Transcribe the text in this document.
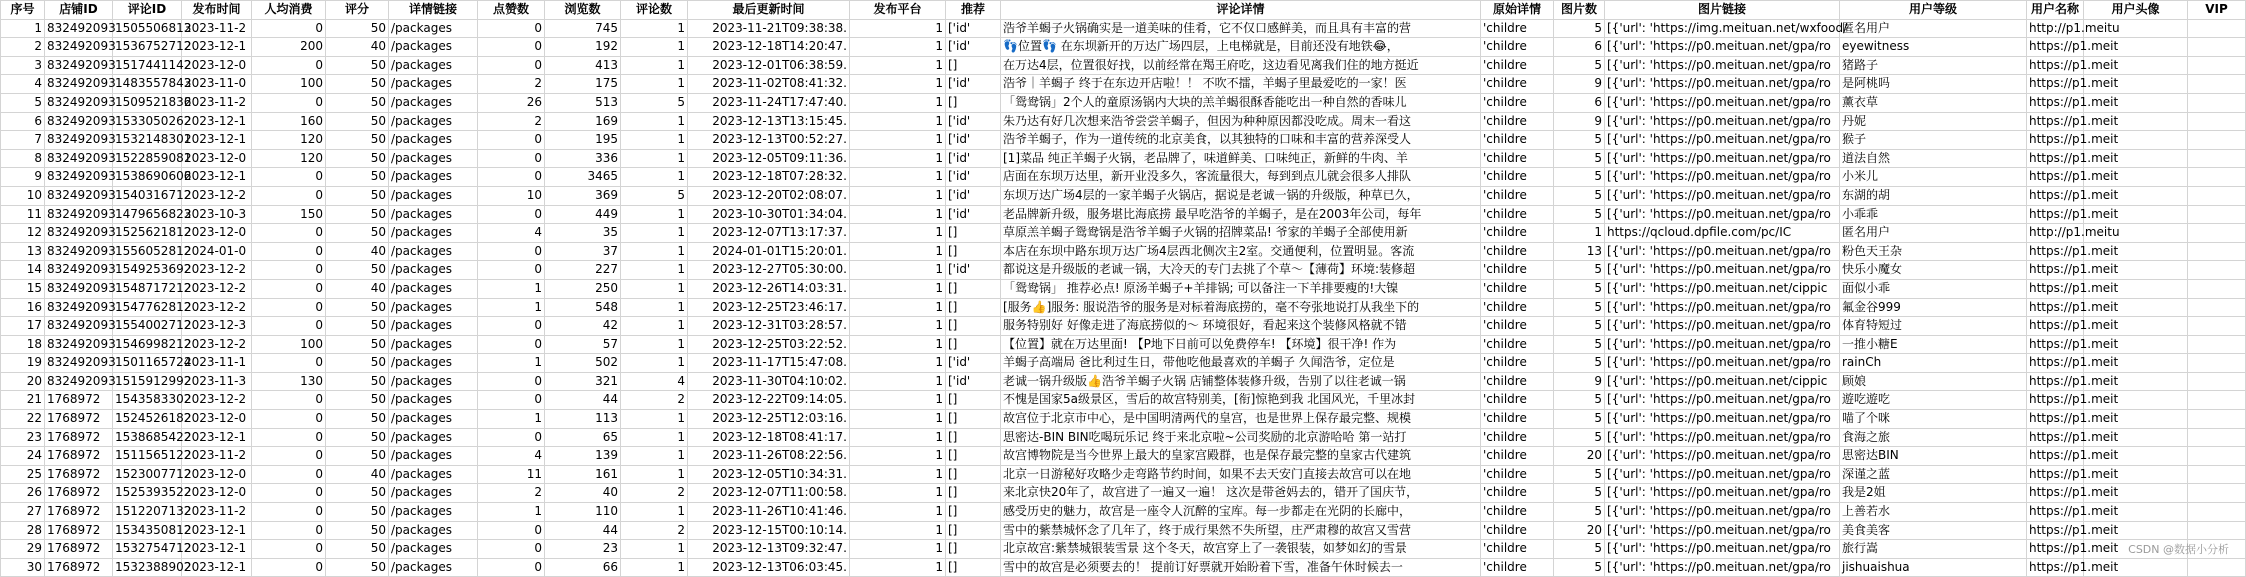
序号	店铺ID	评论ID	发布时间	人均消费	评分	详情链接	点赞数	浏览数	评论数	最后更新时间	发布平台	推荐	评论详情	原始详情	图片数	图片链接	用户等级	用户名称	用户头像	VIP
1	832492093	1505506813	2023-11-2	0	50	/packages	0	745	1	2023-11-21T09:38:38.	1	['id'	浩爷羊蝎子火锅确实是一道美味的佳肴，它不仅口感鲜美，而且具有丰富的营	'childre	5	[{'url': 'https://img.meituan.net/wxfood/	匿名用户	http://p1.meitu		
2	832492093	1536752712	2023-12-1	200	40	/packages	0	192	1	2023-12-18T14:20:47.	1	['id'	👣位置👣 在东坝新开的万达广场四层，上电梯就是，目前还没有地铁😂，	'childre	6	[{'url': 'https://p0.meituan.net/gpa/ro	eyewitness	https://p1.meit		
3	832492093	1517441142	2023-12-0	0	50	/packages	0	413	1	2023-12-01T06:38:59.	1	[]	在万达4层，位置很好找，以前经常在羯王府吃，这边看见离我们住的地方挺近	'childre	5	[{'url': 'https://p0.meituan.net/gpa/ro	猪路子	https://p1.meit		
4	832492093	1483557843	2023-11-0	100	50	/packages	2	175	1	2023-11-02T08:41:32.	1	['id'	浩爷｜羊蝎子 终于在东边开店啦！！ 不吹不擂，羊蝎子里最爱吃的一家！医	'childre	9	[{'url': 'https://p0.meituan.net/gpa/ro	是阿桃吗	https://p1.meit		
5	832492093	1509521836	2023-11-2	0	50	/packages	26	513	5	2023-11-24T17:47:40.	1	[]	「鸳鸯锅」2个人的童原汤锅内大块的羔羊蝎很酥香能吃出一种自然的香味儿	'childre	6	[{'url': 'https://p0.meituan.net/gpa/ro	薰衣草	https://p1.meit		
6	832492093	1533050262	2023-12-1	160	50	/packages	2	169	1	2023-12-13T13:15:45.	1	['id'	朱乃达有好几次想来浩爷尝尝羊蝎子，但因为种种原因都没吃成。周末一看这	'childre	9	[{'url': 'https://p0.meituan.net/gpa/ro	丹妮	https://p1.meit		
7	832492093	1532148301	2023-12-1	120	50	/packages	0	195	1	2023-12-13T00:52:27.	1	['id'	浩爷羊蝎子，作为一道传统的北京美食，以其独特的口味和丰富的营养深受人	'childre	5	[{'url': 'https://p0.meituan.net/gpa/ro	猴子	https://p1.meit		
8	832492093	1522859081	2023-12-0	120	50	/packages	0	336	1	2023-12-05T09:11:36.	1	['id'	[1]菜品 纯正羊蝎子火锅，老品牌了，味道鲜美、口味纯正，新鲜的牛肉、羊	'childre	5	[{'url': 'https://p0.meituan.net/gpa/ro	道法自然	https://p1.meit		
9	832492093	1538690606	2023-12-1	0	50	/packages	0	3465	1	2023-12-18T07:28:32.	1	['id'	店面在东坝万达里，新开业没多久，客流量很大，每到到点儿就会很多人排队	'childre	5	[{'url': 'https://p0.meituan.net/gpa/ro	小米儿	https://p1.meit		
10	832492093	1540316712	2023-12-2	0	50	/packages	10	369	5	2023-12-20T02:08:07.	1	['id'	东坝万达广场4层的一家羊蝎子火锅店，据说是老诚一锅的升级版，种草已久，	'childre	5	[{'url': 'https://p0.meituan.net/gpa/ro	东湖的胡	https://p1.meit		
11	832492093	1479656823	2023-10-3	150	50	/packages	0	449	1	2023-10-30T01:34:04.	1	['id'	老品牌新升级，服务堪比海底捞 最早吃浩爷的羊蝎子，是在2003年公司，每年	'childre	5	[{'url': 'https://p0.meituan.net/gpa/ro	小乖乖	https://p1.meit		
12	832492093	1525621812	2023-12-0	0	50	/packages	4	35	1	2023-12-07T13:17:37.	1	[]	草原羔羊蝎子鸳鸯锅是浩爷羊蝎子火锅的招牌菜品! 爷家的羊蝎子全部使用新	'childre	1	https://qcloud.dpfile.com/pc/IC	匿名用户	http://p1.meitu		
13	832492093	1556052812	2024-01-0	0	40	/packages	0	37	1	2024-01-01T15:20:01.	1	[]	本店在东坝中路东坝万达广场4层西北侧次主2室。交通便利，位置明显。客流	'childre	13	[{'url': 'https://p0.meituan.net/gpa/ro	粉色天王杂	https://p1.meit		
14	832492093	1549253692	2023-12-2	0	50	/packages	0	227	1	2023-12-27T05:30:00.	1	['id'	都说这是升级版的老诚一锅，大冷天的专门去挑了个草～【薄荷】环境:装修超	'childre	5	[{'url': 'https://p0.meituan.net/gpa/ro	快乐小魔女	https://p1.meit		
15	832492093	1548717212	2023-12-2	0	40	/packages	1	250	1	2023-12-26T14:03:31.	1	[]	「鸳鸯锅」 推荐必点! 原汤羊蝎子+羊排锅; 可以备注一下羊排要瘦的!大镍	'childre	5	[{'url': 'https://p0.meituan.net/cippic	面似小乖	https://p1.meit		
16	832492093	1547762812	2023-12-2	0	50	/packages	1	548	1	2023-12-25T23:46:17.	1	[]	[服务👍]服务: 服说浩爷的服务是对标着海底捞的，毫不夸张地说打从我坐下的	'childre	5	[{'url': 'https://p0.meituan.net/gpa/ro	氟金谷999	https://p1.meit		
17	832492093	1554002712	2023-12-3	0	50	/packages	0	42	1	2023-12-31T03:28:57.	1	[]	服务特别好 好像走进了海底捞似的～ 环境很好，看起来这个装修风格就不错	'childre	5	[{'url': 'https://p0.meituan.net/gpa/ro	体育特短过	https://p1.meit		
18	832492093	1546998212	2023-12-2	100	50	/packages	0	57	1	2023-12-25T03:22:52.	1	[]	【位置】就在万达里面! 【P地下日前可以免费停车! 【环境】很干净! 作为	'childre	5	[{'url': 'https://p0.meituan.net/gpa/ro	一推小糖E	https://p1.meit		
19	832492093	1501165724	2023-11-1	0	50	/packages	1	502	1	2023-11-17T15:47:08.	1	['id'	羊蝎子高端局 爸比利过生日，带他吃他最喜欢的羊蝎子 久闻浩爷，定位是	'childre	5	[{'url': 'https://p0.meituan.net/gpa/ro	rainCh	https://p1.meit		
20	832492093	1515912992	2023-11-3	130	50	/packages	0	321	4	2023-11-30T04:10:02.	1	['id'	老诚一锅升级版👍浩爷羊蝎子火锅 店铺整体装修升级，告别了以往老诚一锅	'childre	9	[{'url': 'https://p0.meituan.net/cippic	顾娘	https://p1.meit		
21	1768972	1543583302	2023-12-2	0	50	/packages	0	44	2	2023-12-22T09:14:05.	1	[]	不愧是国家5a级景区，雪后的故宫特别美，[衔]惊艳到我 北国风光，千里冰封	'childre	5	[{'url': 'https://p0.meituan.net/gpa/ro	遊吃遊吃	https://p1.meit		
22	1768972	1524526182	2023-12-0	0	50	/packages	1	113	1	2023-12-25T12:03:16.	1	[]	故宫位于北京市中心，是中国明清两代的皇宫，也是世界上保存最完整、规模	'childre	5	[{'url': 'https://p0.meituan.net/gpa/ro	喵了个咪	https://p1.meit		
23	1768972	1538685422	2023-12-1	0	50	/packages	0	65	1	2023-12-18T08:41:17.	1	[]	思密达-BIN BIN吃喝玩乐记 终于来北京啦~公司奖励的北京游哈哈 第一站打	'childre	5	[{'url': 'https://p0.meituan.net/gpa/ro	食海之旅	https://p1.meit		
24	1768972	1511565122	2023-11-2	0	50	/packages	4	139	1	2023-11-26T08:22:56.	1	[]	故宫博物院是当今世界上最大的皇家宫殿群，也是保存最完整的皇家古代建筑	'childre	20	[{'url': 'https://p0.meituan.net/gpa/ro	思密达BIN	https://p1.meit		
25	1768972	1523007712	2023-12-0	0	40	/packages	11	161	1	2023-12-05T10:34:31.	1	[]	北京一日游秘好攻略少走弯路节约时间，如果不去天安门直接去故宫可以在地	'childre	5	[{'url': 'https://p0.meituan.net/gpa/ro	深谨之蓝	https://p1.meit		
26	1768972	1525393522	2023-12-0	0	50	/packages	2	40	2	2023-12-07T11:00:58.	1	[]	来北京快20年了，故宫进了一遍又一遍！ 这次是带爸妈去的，错开了国庆节，	'childre	5	[{'url': 'https://p0.meituan.net/gpa/ro	我是2姐	https://p1.meit		
27	1768972	1512207132	2023-11-2	0	50	/packages	1	110	1	2023-11-26T10:41:46.	1	[]	感受历史的魅力，故宫是一座令人沉醉的宝库。每一步都走在光阴的长廊中，	'childre	5	[{'url': 'https://p0.meituan.net/gpa/ro	上善若水	https://p1.meit		
28	1768972	1534350812	2023-12-1	0	50	/packages	0	44	2	2023-12-15T00:10:14.	1	[]	雪中的紫禁城怀念了几年了，终于成行果然不失所望，庄严肃穆的故宫又雪营	'childre	20	[{'url': 'https://p0.meituan.net/gpa/ro	美食美客	https://p1.meit		
29	1768972	1532754712	2023-12-1	0	50	/packages	0	23	1	2023-12-13T09:32:47.	1	[]	北京故宫:紫禁城银装雪景 这个冬天，故宫穿上了一袭银装，如梦如幻的雪景	'childre	5	[{'url': 'https://p0.meituan.net/gpa/ro	旅行嵩	https://p1.meit		
30	1768972	1532388902	2023-12-1	0	50	/packages	0	66	1	2023-12-13T06:03:45.	1	[]	雪中的故宫是必须要去的！ 提前订好票就开始盼着下雪，准备午休时候去一	'childre	5	[{'url': 'https://p0.meituan.net/gpa/ro	jishuaishua	https://p1.meit		
CSDN @数据小分析
